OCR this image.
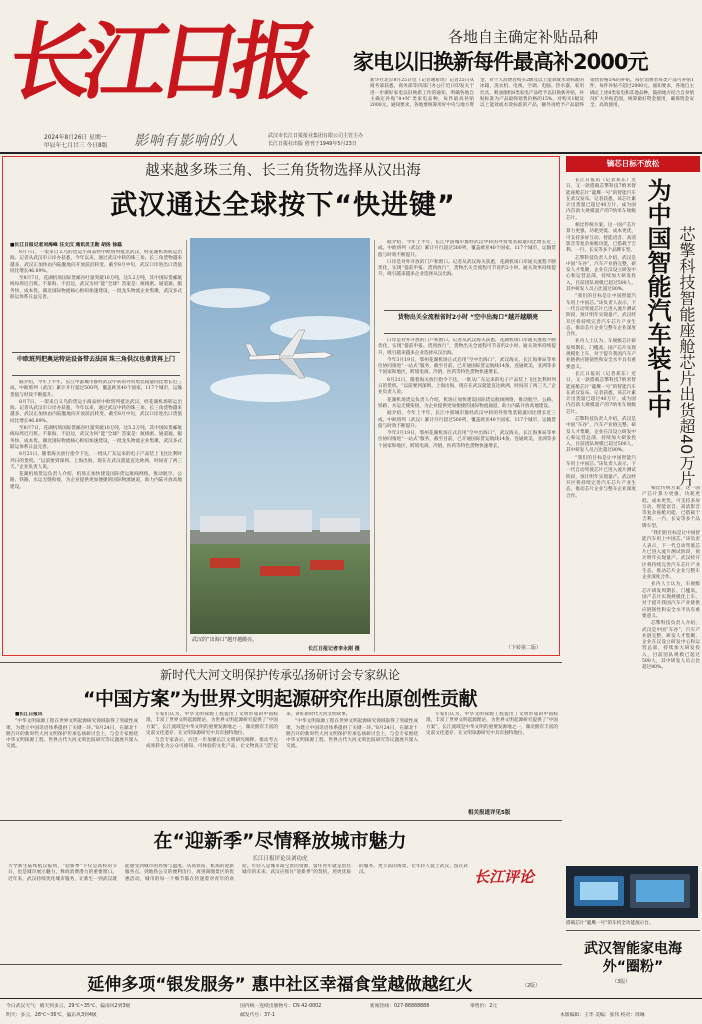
长江日报
2024年8月26日 星期一
甲辰年七月廿三 今日8版 影响有影响的人	武汉市长江日报报业集团有限公司主管主办
长江日报社出版 创刊于1949年5月23日
各地自主确定补贴品种
家电以旧换新每件最高补2000元
新华社北京8月25日电（记者谢希瑶）记者25日从商务部获悉，商务部等四部门办公厅近日印发关于进一步做好家电以旧换新工作的通知，明确各地自主确定补贴“8+N”类家电品种，每件最高补贴2000元。通知要求，各地要统筹用好中央与地方资金，对个人消费者购买2级及以上能效或水效标准的冰箱、洗衣机、电视、空调、电脑、热水器、家用灶具、吸油烟机8类家电产品给予以旧换新补贴，补贴标准为产品最终销售价格的15%，对购买1级及以上能效或水效标准的产品，额外再给予产品最终销售价格5%的补贴。每位消费者每类产品可补贴1件，每件补贴不超过2000元。通知要求，各地自主确定上述8类家电和其他品种，鼓励地方结合自身情况扩大补贴范围，统筹做好资金使用，确保资金安全、高效使用。
越来越多珠三角、长三角货物选择从汉出海
武汉通达全球按下“快进键”
■长江日报记者刘海峰 汪文汉 通讯员王勋 胡扬 徐磊

8月7日，一架来自义乌的货运小商品经中欧班列抵达武汉，经花湖机场转运出海。记者从武汉市口岸办获悉，今年以来，通过武汉中转的珠三角、长三角货物越来越多，武汉正加快由内陆腹地向开放前沿转变。截至8月中旬，武汉口岸进出口货值同比增长46.89%。

至8月7日，花湖机场国际货邮吞吐量突破10万吨，达5.2万吨，其中国际货邮航线每周近百班。不靠海、不沿边，武汉为何“能”全球？答案是：航线密、通道通、服务快、成本优。湖北国际物流核心枢纽加速建设，一批龙头物流企业集聚，武汉多式联运体系日益完善。

中欧班列把奥运特运设备带去法国 珠三角供汉也拿货再上门

据介绍，今年上半年，长江中游城市群经武汉中转的外贸集装箱量同比增长近三成。中欧班列（武汉）累计开行超过500列，覆盖欧亚40个国家、117个城市，运输货值与时效不断提升。

8月7日，一架来自义乌的货运小商品经中欧班列抵达武汉，经花湖机场转运出海。记者从武汉市口岸办获悉，今年以来，通过武汉中转的珠三角、长三角货物越来越多，武汉正加快由内陆腹地向开放前沿转变。截至8月中旬，武汉口岸进出口货值同比增长46.89%。

至8月7日，花湖机场国际货邮吞吐量突破10万吨，达5.2万吨，其中国际货邮航线每周近百班。不靠海、不沿边，武汉为何“能”全球？答案是：航线密、通道通、服务快、成本优。湖北国际物流核心枢纽加速建设，一批龙头物流企业集聚，武汉多式联运体系日益完善。

8月21日，随着海关放行指令下达，一批从广东运来的电子产品装上飞往比利时列日的货机。“以前要到深圳、上海出海，现在在武汉就能直达欧洲，时间省了两三天。”企业负责人说。

花湖机场货运负责人介绍，机场正加快建设国际货运航线网络，推动航空、公路、铁路、水运无缝衔接，为企业提供更加便捷的国际物流通道，助力内陆开放高地建设。

武汉的“出海口”越开越敞亮。
长江日报记者李永刚 摄

据介绍，今年上半年，长江中游城市群经武汉中转的外贸集装箱量同比增长近三成。中欧班列（武汉）累计开行超过500列，覆盖欧亚40个国家、117个城市，运输货值与时效不断提升。

口岸是对外开放的门户和窗口。记者从武汉海关获悉，花湖机场口岸通关流程不断优化，实现“提前申报、货到放行”，货物出关全流程可节省约2小时，通关效率持续提升，吸引越来越多企业选择从汉出海。

货物出关全流程省时2小时 “空中出海口”越开越顺亮

口岸是对外开放的门户和窗口。记者从武汉海关获悉，花湖机场口岸通关流程不断优化，实现“提前申报、货到放行”，货物出关全流程可节省约2小时，通关效率持续提升，吸引越来越多企业选择从汉出海。

今年3月19日，鄂州花湖机场正式启用“空中出海口”，武汉海关、长江海事局等单位协同推进“一站式”服务，截至目前，已开通国际货运航线14条，连通欧美、亚洲等多个国家和地区，跨境电商、冷链、医药等特色货物快速增长。

8月21日，随着海关放行指令下达，一批从广东运来的电子产品装上飞往比利时列日的货机。“以前要到深圳、上海出海，现在在武汉就能直达欧洲，时间省了两三天。”企业负责人说。

花湖机场货运负责人介绍，机场正加快建设国际货运航线网络，推动航空、公路、铁路、水运无缝衔接，为企业提供更加便捷的国际物流通道，助力内陆开放高地建设。

据介绍，今年上半年，长江中游城市群经武汉中转的外贸集装箱量同比增长近三成。中欧班列（武汉）累计开行超过500列，覆盖欧亚40个国家、117个城市，运输货值与时效不断提升。

今年3月19日，鄂州花湖机场正式启用“空中出海口”，武汉海关、长江海事局等单位协同推进“一站式”服务，截至目前，已开通国际货运航线14条，连通欧美、亚洲等多个国家和地区，跨境电商、冷链、医药等特色货物快速增长。

（下转第二版）
镝芯日标不放松

长江日报讯（记者郑东）近日，又一款搭载芯擎科技7纳米智能座舱芯片“龍鹰一号”的智能汽车在武汉发布。记者获悉，该芯片累计出货量已超过40万片，成为国内首款大规模量产的7纳米车规级芯片。

相比传统方案，这一国产芯片算力更强、功耗更低、成本更优，可支持多屏互动、智能语音、高清影音等复杂座舱功能，已搭载于吉利、一汽、长安等多个品牌车型。

芯擎科技负责人介绍，武汉是中国“车谷”，汽车产业链完整，研发人才集聚，企业在汉设立研发中心和运营总部，持续加大研发投入，目前团队规模已超过500人，其中研发人员占比超过80%。

“我们的目标是让中国智能汽车用上中国芯。”该负责人表示，下一代自动驾驶芯片已进入流片测试阶段，预计明年实现量产。武汉经开区将持续完善汽车芯片产业生态，推动芯片企业与整车企业深度合作。

业内人士认为，车规级芯片研发周期长、门槛高，国产芯片实现规模化上车，对于提升我国汽车产业链供应链韧性和安全水平具有重要意义。

长江日报讯（记者郑东）近日，又一款搭载芯擎科技7纳米智能座舱芯片“龍鹰一号”的智能汽车在武汉发布。记者获悉，该芯片累计出货量已超过40万片，成为国内首款大规模量产的7纳米车规级芯片。

芯擎科技负责人介绍，武汉是中国“车谷”，汽车产业链完整，研发人才集聚，企业在汉设立研发中心和运营总部，持续加大研发投入，目前团队规模已超过500人，其中研发人员占比超过80%。

“我们的目标是让中国智能汽车用上中国芯。”该负责人表示，下一代自动驾驶芯片已进入流片测试阶段，预计明年实现量产。武汉经开区将持续完善汽车芯片产业生态，推动芯片企业与整车企业深度合作。

为中国智能汽车装上中 芯擎科技智能座舱芯片出货超40万片

相比传统方案，这一国产芯片算力更强、功耗更低、成本更优，可支持多屏互动、智能语音、高清影音等复杂座舱功能，已搭载于吉利、一汽、长安等多个品牌车型。

“我们的目标是让中国智能汽车用上中国芯。”该负责人表示，下一代自动驾驶芯片已进入流片测试阶段，预计明年实现量产。武汉经开区将持续完善汽车芯片产业生态，推动芯片企业与整车企业深度合作。

业内人士认为，车规级芯片研发周期长、门槛高，国产芯片实现规模化上车，对于提升我国汽车产业链供应链韧性和安全水平具有重要意义。

芯擎科技负责人介绍，武汉是中国“车谷”，汽车产业链完整，研发人才集聚，企业在汉设立研发中心和运营总部，持续加大研发投入，目前团队规模已超过500人，其中研发人员占比超过80%。

新时代大河文明保护传承弘扬研讨会专家纵论
“中国方案”为世界文明起源研究作出原创性贡献

■长江日报讯

“中华文明探源工程在世界文明起源研究领域取得了突破性成果，为建立中国话语体系提供了关键一环。”8月24日，在湖北十堰召开的新时代大河文明保护传承弘扬研讨会上，与会专家围绕中华文明探源工程、世界古代大河文明比较研究等议题展开深入交流。

专家们认为，中华文明探源工程提出了文明形成的中国标准，丰富了世界文明起源理论，为世界文明起源研究提供了“中国方案”。长江流域是中华文明的重要发源地之一，湖北拥有丰富的史前文化遗存，在文明探源研究中具有独特地位。

与会专家表示，应进一步加强长江文明研究阐释，推动考古成果转化为公众可感知、可体验的文化产品，让文物真正“活”起来，讲好新时代大河文明故事。

“中华文明探源工程在世界文明起源研究领域取得了突破性成果，为建立中国话语体系提供了关键一环。”8月24日，在湖北十堰召开的新时代大河文明保护传承弘扬研讨会上，与会专家围绕中华文明探源工程、世界古代大河文明比较研究等议题展开深入交流。

专家们认为，中华文明探源工程提出了文明形成的中国标准，丰富了世界文明起源理论，为世界文明起源研究提供了“中国方案”。长江流域是中华文明的重要发源地之一，湖北拥有丰富的史前文化遗存，在文明探源研究中具有独特地位。

相关报道详见5版
在“迎新季”尽情释放城市魅力
长江日报评论员刘功虎
大学新生陆续抵汉报到，“迎新季”不仅是高校的节日，也是城市展示魅力、释放消费潜力的重要窗口。近年来，武汉持续优化城市服务，让新生一到武汉就能感受到城市的热情与温度。从高铁站、机场的迎新服务点，到地铁公交的便利出行，再到商圈景区的优惠活动，城市的每一个细节都在传递着对青年的欢迎。年轻人是城市最宝贵的资源，留住青年就是留住城市的未来。武汉应抓住“迎新季”的契机，用更优质的服务、更丰富的场景，让年轻人爱上武汉、留在武汉。	长江评论
搭载芯片“龍鹰一号”的车机全功能演示台。
武汉智能家电海外“圈粉”
（3版）
延伸多项“银发服务” 惠中社区幸福食堂越做越红火	（2版）
今日武汉天气：晴天到多云，29℃~35℃，偏南风2到3级
明天：多云，28℃~36℃，偏东风3到4级
国内统一连续出版物号：CN 42-0002
邮发代号：37-1
新闻热线：027-88888888	零售价：2元
本版编辑：王华 美编：张伟 校对：周琳
